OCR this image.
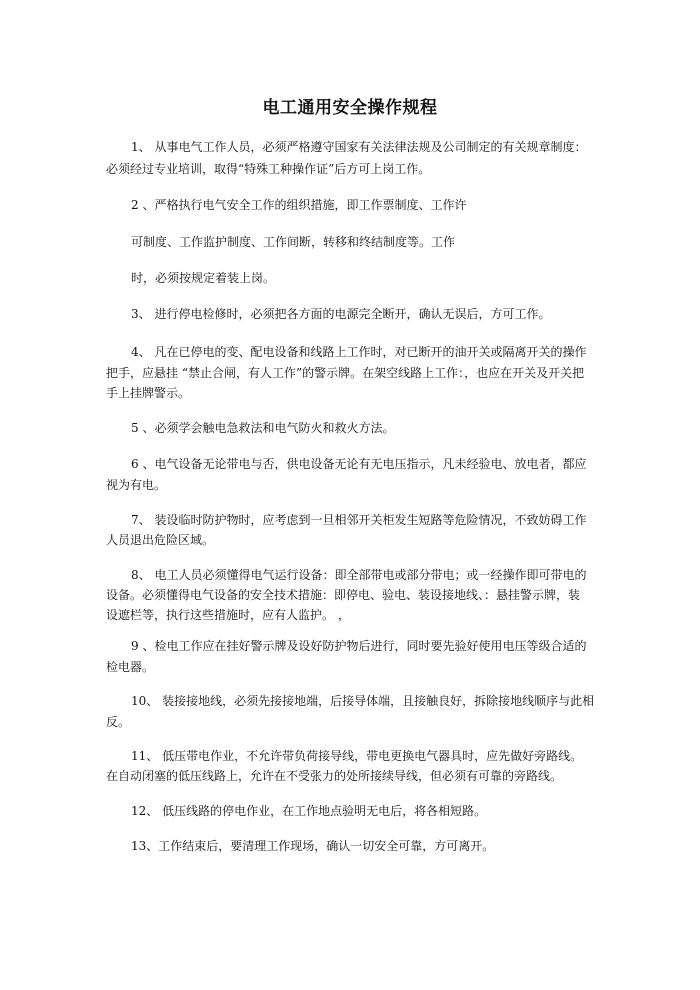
电工通用安全操作规程

1、 从事电气工作人员，必须严格遵守国家有关法律法规及公司制定的有关规章制度：

必须经过专业培训，取得“特殊工种操作证”后方可上岗工作。

2 、严格执行电气安全工作的组织措施，即工作票制度、工作许

可制度、工作监护制度、工作间断，转移和终结制度等。工作

时，必须按规定着装上岗。

3、 进行停电检修时，必须把各方面的电源完全断开，确认无误后，方可工作。

4、 凡在已停电的变、配电设备和线路上工作时，对已断开的油开关或隔离开关的操作

把手，应悬挂 “禁止合闸，有人工作”的警示牌。在架空线路上工作：，也应在开关及开关把

手上挂牌警示。

5 、必须学会触电急救法和电气防火和救火方法。

6 、电气设备无论带电与否，供电设备无论有无电压指示，凡未经验电、放电者，都应

视为有电。

7、 装设临时防护物时，应考虑到一旦相邻开关柜发生短路等危险情况，不致妨碍工作

人员退出危险区域。

8、 电工人员必须懂得电气运行设备：即全部带电或部分带电；或一经操作即可带电的

设备。必须懂得电气设备的安全技术措施：即停电、验电、装设接地线、：悬挂警示牌，装

设遮栏等，执行这些措施时，应有人监护。 ，

9 、检电工作应在挂好警示牌及设好防护物后进行，同时要先验好使用电压等级合适的

检电器。

10、 装接接地线，必须先接接地端，后接导体端，且接触良好，拆除接地线顺序与此相

反。

11、 低压带电作业，不允许带负荷接导线，带电更换电气器具时，应先做好旁路线。

在自动闭塞的低压线路上，允许在不受张力的处所接续导线，但必须有可靠的旁路线。

12、 低压线路的停电作业，在工作地点验明无电后，将各相短路。

13、工作结束后，要清理工作现场，确认一切安全可靠，方可离开。
